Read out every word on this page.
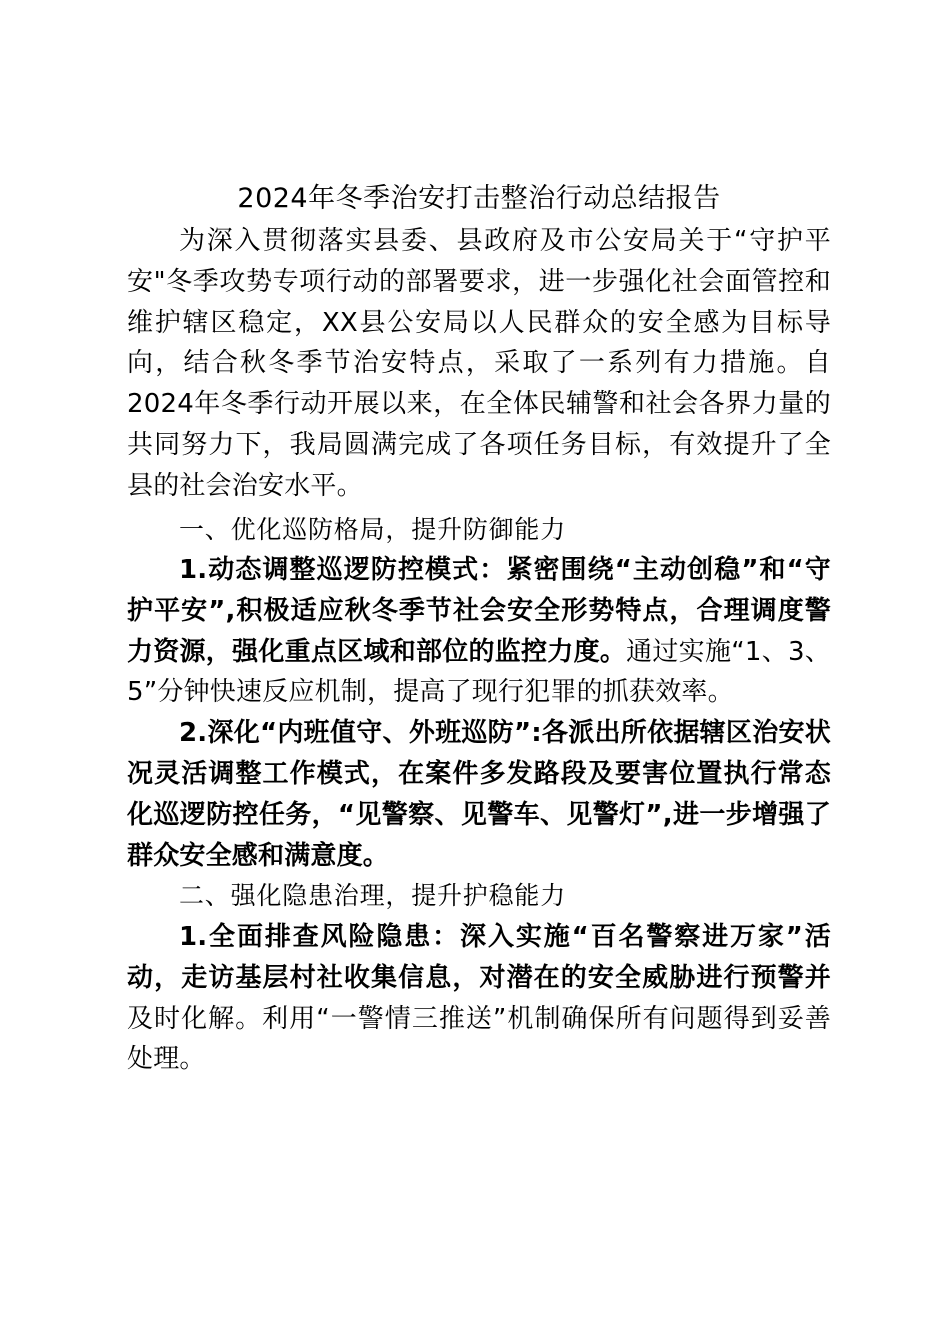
2024年冬季治安打击整治行动总结报告

为深入贯彻落实县委、县政府及市公安局关于“守护平安"冬季攻势专项行动的部署要求，进一步强化社会面管控和维护辖区稳定，XX县公安局以人民群众的安全感为目标导向，结合秋冬季节治安特点，采取了一系列有力措施。自2024年冬季行动开展以来，在全体民辅警和社会各界力量的共同努力下，我局圆满完成了各项任务目标，有效提升了全县的社会治安水平。

一、优化巡防格局，提升防御能力

1.动态调整巡逻防控模式：紧密围绕“主动创稳”和“守护平安”,积极适应秋冬季节社会安全形势特点，合理调度警力资源，强化重点区域和部位的监控力度。通过实施“1、3、5”分钟快速反应机制，提高了现行犯罪的抓获效率。

2.深化“内班值守、外班巡防”:各派出所依据辖区治安状况灵活调整工作模式，在案件多发路段及要害位置执行常态化巡逻防控任务，“见警察、见警车、见警灯”,进一步增强了群众安全感和满意度。

二、强化隐患治理，提升护稳能力

1.全面排查风险隐患：深入实施“百名警察进万家”活动，走访基层村社收集信息，对潜在的安全威胁进行预警并及时化解。利用“一警情三推送”机制确保所有问题得到妥善处理。
